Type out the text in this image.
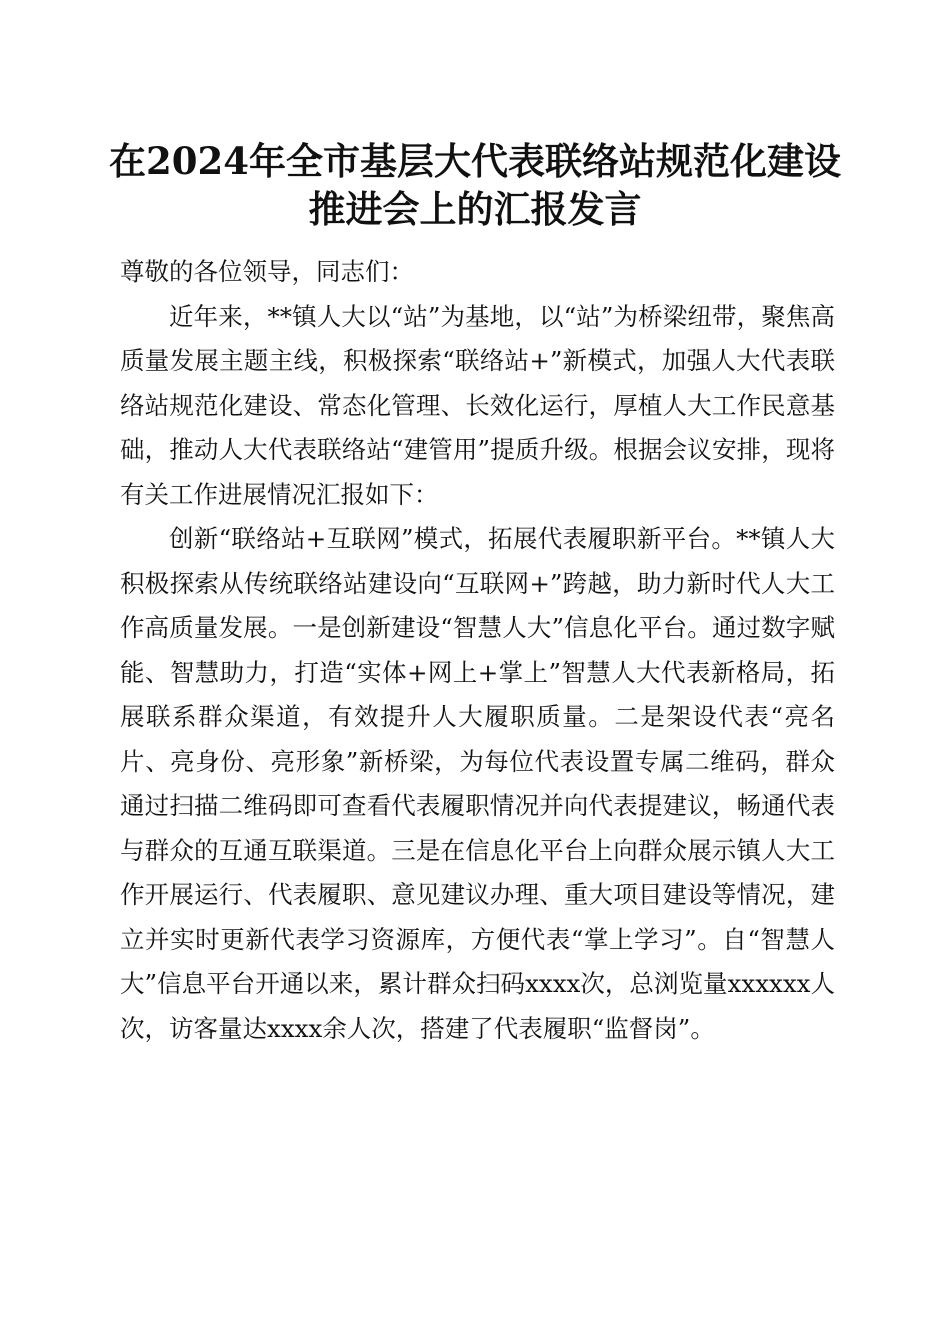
在2024年全市基层大代表联络站规范化建设
推进会上的汇报发言

尊敬的各位领导，同志们：

近年来，**镇人大以“站”为基地，以“站”为桥梁纽带，聚焦高质量发展主题主线，积极探索“联络站+”新模式，加强人大代表联络站规范化建设、常态化管理、长效化运行，厚植人大工作民意基础，推动人大代表联络站“建管用”提质升级。根据会议安排，现将有关工作进展情况汇报如下：

创新“联络站+互联网”模式，拓展代表履职新平台。**镇人大积极探索从传统联络站建设向“互联网+”跨越，助力新时代人大工作高质量发展。一是创新建设“智慧人大”信息化平台。通过数字赋能、智慧助力，打造“实体+网上+掌上”智慧人大代表新格局，拓展联系群众渠道，有效提升人大履职质量。二是架设代表“亮名片、亮身份、亮形象”新桥梁，为每位代表设置专属二维码，群众通过扫描二维码即可查看代表履职情况并向代表提建议，畅通代表与群众的互通互联渠道。三是在信息化平台上向群众展示镇人大工作开展运行、代表履职、意见建议办理、重大项目建设等情况，建立并实时更新代表学习资源库，方便代表“掌上学习”。自“智慧人大”信息平台开通以来，累计群众扫码xxxx次，总浏览量xxxxxx人次，访客量达xxxx余人次，搭建了代表履职“监督岗”。
